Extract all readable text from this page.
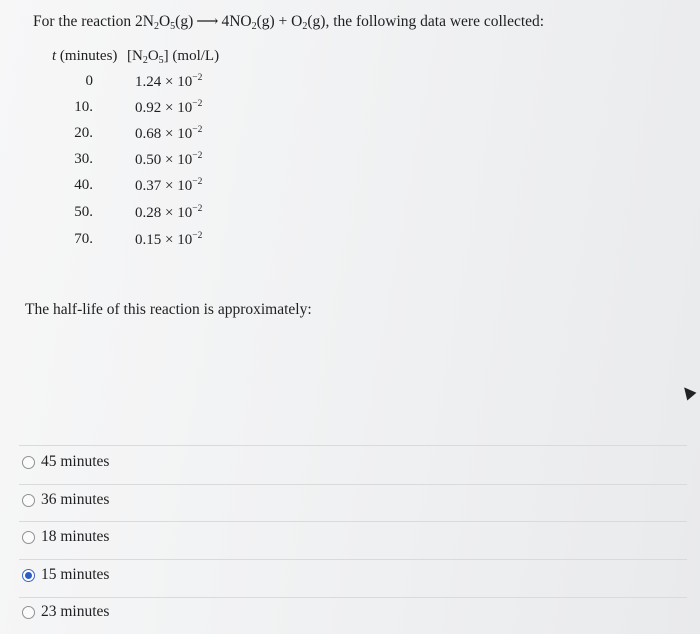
For the reaction $2N_2O_5(g)$ ⟶ $4NO_2(g) + O_2(g)$, the following data were collected:
t (minutes) $[N_2O_5]$ (mol/L)
0	$1.24 \times 10^{-2}$
10.	$0.92 \times 10^{-2}$
20.	$0.68 \times 10^{-2}$
30.	$0.50 \times 10^{-2}$
40.	$0.37 \times 10^{-2}$
50.	$0.28 \times 10^{-2}$
70.	$0.15 \times 10^{-2}$
The half-life of this reaction is approximately:
45 minutes
36 minutes
18 minutes
15 minutes
23 minutes
